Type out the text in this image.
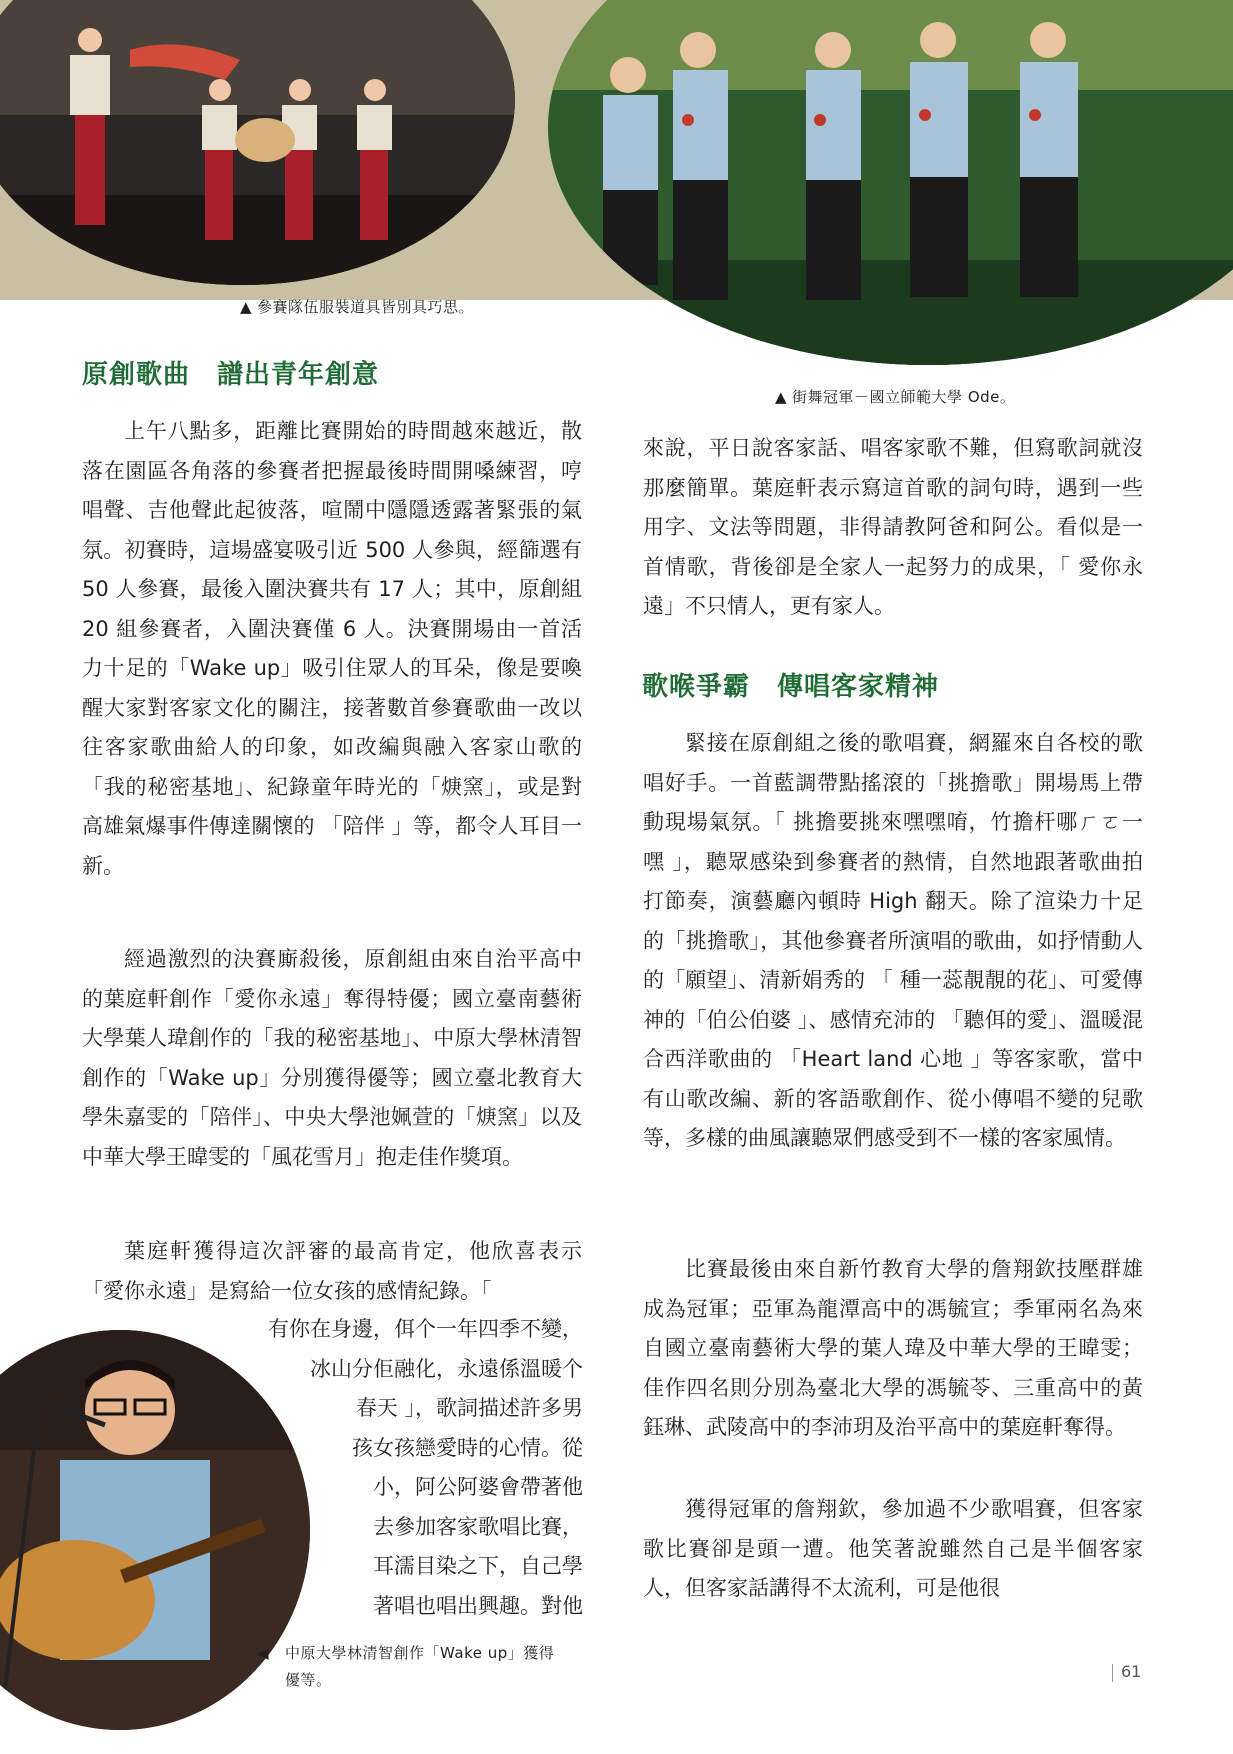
▲ 參賽隊伍服裝道具皆別具巧思。
▲ 街舞冠軍－國立師範大學 Ode。
◀ 中原大學林清智創作「Wake up」獲得優等。
原創歌曲　譜出青年創意
歌喉爭霸　傳唱客家精神

上午八點多，距離比賽開始的時間越來越近，散落在園區各角落的參賽者把握最後時間開嗓練習，哼唱聲、吉他聲此起彼落，喧鬧中隱隱透露著緊張的氣氛。初賽時，這場盛宴吸引近 500 人參與，經篩選有 50 人參賽，最後入圍決賽共有 17 人；其中，原創組 20 組參賽者，入圍決賽僅 6 人。決賽開場由一首活力十足的「Wake up」吸引住眾人的耳朵，像是要喚醒大家對客家文化的關注，接著數首參賽歌曲一改以往客家歌曲給人的印象，如改編與融入客家山歌的「我的秘密基地」、紀錄童年時光的「焿窯」，或是對高雄氣爆事件傳達關懷的 「陪伴 」等，都令人耳目一新。

經過激烈的決賽廝殺後，原創組由來自治平高中的葉庭軒創作「愛你永遠」奪得特優；國立臺南藝術大學葉人瑋創作的「我的秘密基地」、中原大學林清智創作的「Wake up」分別獲得優等；國立臺北教育大學朱嘉雯的「陪伴」、中央大學池姵萱的「焿窯」以及中華大學王暐雯的「風花雪月」抱走佳作獎項。

葉庭軒獲得這次評審的最高肯定，他欣喜表示「愛你永遠」是寫給一位女孩的感情紀錄。「

有你在身邊，佴个一年四季不變，
冰山分佢融化，永遠係溫暖个
春天 」，歌詞描述許多男
孩女孩戀愛時的心情。從
小，阿公阿婆會帶著他
去參加客家歌唱比賽，
耳濡目染之下，自己學
著唱也唱出興趣。對他

來說，平日說客家話、唱客家歌不難，但寫歌詞就沒那麼簡單。葉庭軒表示寫這首歌的詞句時，遇到一些用字、文法等問題，非得請教阿爸和阿公。看似是一首情歌，背後卻是全家人一起努力的成果，「 愛你永遠」不只情人，更有家人。

緊接在原創組之後的歌唱賽，網羅來自各校的歌唱好手。一首藍調帶點搖滾的「挑擔歌」開場馬上帶動現場氣氛。「 挑擔要挑來嘿嘿唷，竹擔杆哪ㄏㄛ一嘿 」，聽眾感染到參賽者的熱情，自然地跟著歌曲拍打節奏，演藝廳內頓時 High 翻天。除了渲染力十足的「挑擔歌」，其他參賽者所演唱的歌曲，如抒情動人的「願望」、清新娟秀的 「 種一蕊靚靚的花」、可愛傳神的「伯公伯婆 」、感情充沛的 「聽佴的愛」、溫暖混合西洋歌曲的 「Heart land 心地 」等客家歌，當中有山歌改編、新的客語歌創作、從小傳唱不變的兒歌等，多樣的曲風讓聽眾們感受到不一樣的客家風情。

比賽最後由來自新竹教育大學的詹翔欽技壓群雄成為冠軍；亞軍為龍潭高中的馮毓宣；季軍兩名為來自國立臺南藝術大學的葉人瑋及中華大學的王暐雯；佳作四名則分別為臺北大學的馮毓苓、三重高中的黃鈺琳、武陵高中的李沛玥及治平高中的葉庭軒奪得。

獲得冠軍的詹翔欽，參加過不少歌唱賽，但客家歌比賽卻是頭一遭。他笑著說雖然自己是半個客家人，但客家話講得不太流利，可是他很

61
